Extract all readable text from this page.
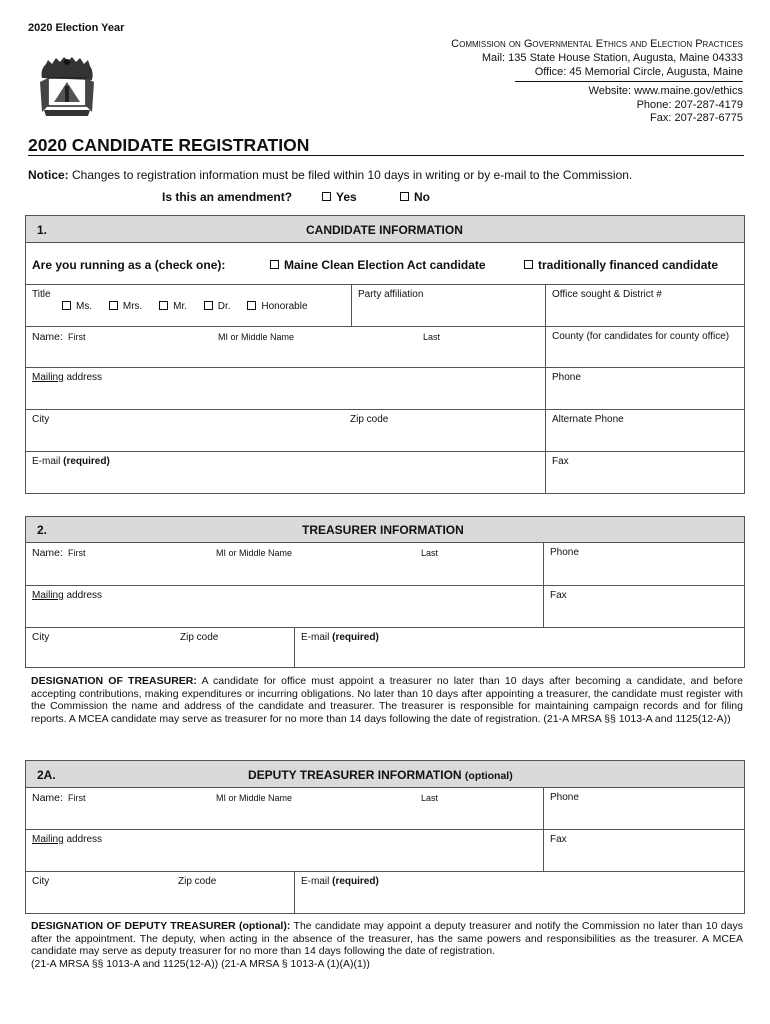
2020 Election Year
Commission on Governmental Ethics and Election Practices
Mail: 135 State House Station, Augusta, Maine 04333
Office: 45 Memorial Circle, Augusta, Maine
Website: www.maine.gov/ethics
Phone: 207-287-4179
Fax: 207-287-6775
2020 CANDIDATE REGISTRATION
Notice: Changes to registration information must be filed within 10 days in writing or by e-mail to the Commission.
Is this an amendment?	Yes	No
1.	CANDIDATE INFORMATION
Are you running as a (check one):	Maine Clean Election Act candidate	traditionally financed candidate
Title
Ms.	Mrs.	Mr.	Dr.	Honorable
Party affiliation	Office sought & District #
Name: First	MI or Middle Name	Last	County (for candidates for county office)
Mailing address	Phone
City	Zip code	Alternate Phone
E-mail (required)	Fax
2.	TREASURER INFORMATION
Name: First	MI or Middle Name	Last	Phone
Mailing address	Fax
City	Zip code	E-mail (required)
DESIGNATION OF TREASURER: A candidate for office must appoint a treasurer no later than 10 days after becoming a candidate, and before accepting contributions, making expenditures or incurring obligations. No later than 10 days after appointing a treasurer, the candidate must register with the Commission the name and address of the candidate and treasurer. The treasurer is responsible for maintaining campaign records and for filing reports. A MCEA candidate may serve as treasurer for no more than 14 days following the date of registration. (21-A MRSA §§ 1013-A and 1125(12-A))
2A.	DEPUTY TREASURER INFORMATION (optional)
Name: First	MI or Middle Name	Last	Phone
Mailing address	Fax
City	Zip code	E-mail (required)
DESIGNATION OF DEPUTY TREASURER (optional): The candidate may appoint a deputy treasurer and notify the Commission no later than 10 days after the appointment. The deputy, when acting in the absence of the treasurer, has the same powers and responsibilities as the treasurer. A MCEA candidate may serve as deputy treasurer for no more than 14 days following the date of registration.
(21-A MRSA §§ 1013-A and 1125(12-A)) (21-A MRSA § 1013-A (1)(A)(1))
